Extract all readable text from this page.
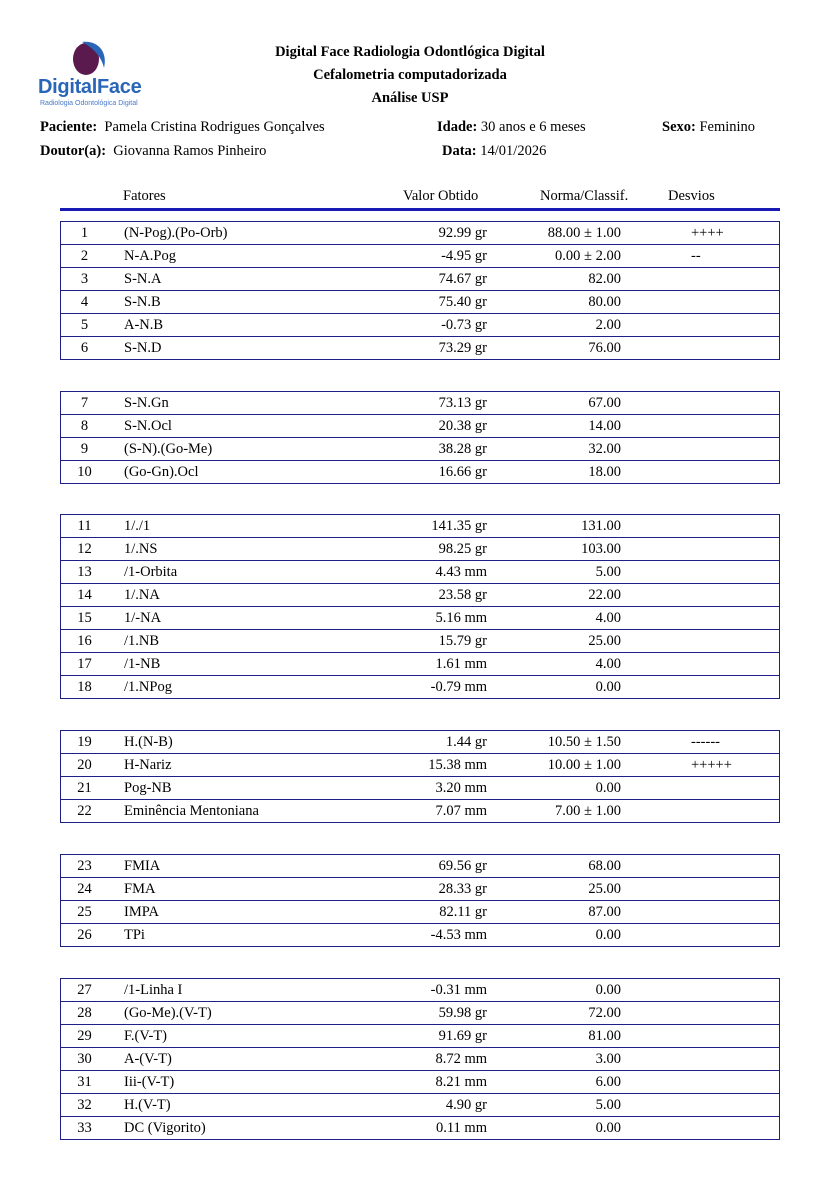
DigitalFace
Radiologia Odontológica Digital
Digital Face Radiologia Odontlógica Digital
Cefalometria computadorizada
Análise USP
Paciente: Pamela Cristina Rodrigues Gonçalves	Idade: 30 anos e 6 meses	Sexo: Feminino
Doutor(a): Giovanna Ramos Pinheiro	Data: 14/01/2026
Fatores	Valor Obtido	Norma/Classif.	Desvios
1	(N-Pog).(Po-Orb)	92.99 gr	88.00 ± 1.00	++++
2	N-A.Pog	-4.95 gr	0.00 ± 2.00	--
3	S-N.A	74.67 gr	82.00
4	S-N.B	75.40 gr	80.00
5	A-N.B	-0.73 gr	2.00
6	S-N.D	73.29 gr	76.00
7	S-N.Gn	73.13 gr	67.00
8	S-N.Ocl	20.38 gr	14.00
9	(S-N).(Go-Me)	38.28 gr	32.00
10	(Go-Gn).Ocl	16.66 gr	18.00
11	1/./1	141.35 gr	131.00
12	1/.NS	98.25 gr	103.00
13	/1-Orbita	4.43 mm	5.00
14	1/.NA	23.58 gr	22.00
15	1/-NA	5.16 mm	4.00
16	/1.NB	15.79 gr	25.00
17	/1-NB	1.61 mm	4.00
18	/1.NPog	-0.79 mm	0.00
19	H.(N-B)	1.44 gr	10.50 ± 1.50	------
20	H-Nariz	15.38 mm	10.00 ± 1.00	+++++
21	Pog-NB	3.20 mm	0.00
22	Eminência Mentoniana	7.07 mm	7.00 ± 1.00
23	FMIA	69.56 gr	68.00
24	FMA	28.33 gr	25.00
25	IMPA	82.11 gr	87.00
26	TPi	-4.53 mm	0.00
27	/1-Linha I	-0.31 mm	0.00
28	(Go-Me).(V-T)	59.98 gr	72.00
29	F.(V-T)	91.69 gr	81.00
30	A-(V-T)	8.72 mm	3.00
31	Iii-(V-T)	8.21 mm	6.00
32	H.(V-T)	4.90 gr	5.00
33	DC (Vigorito)	0.11 mm	0.00
